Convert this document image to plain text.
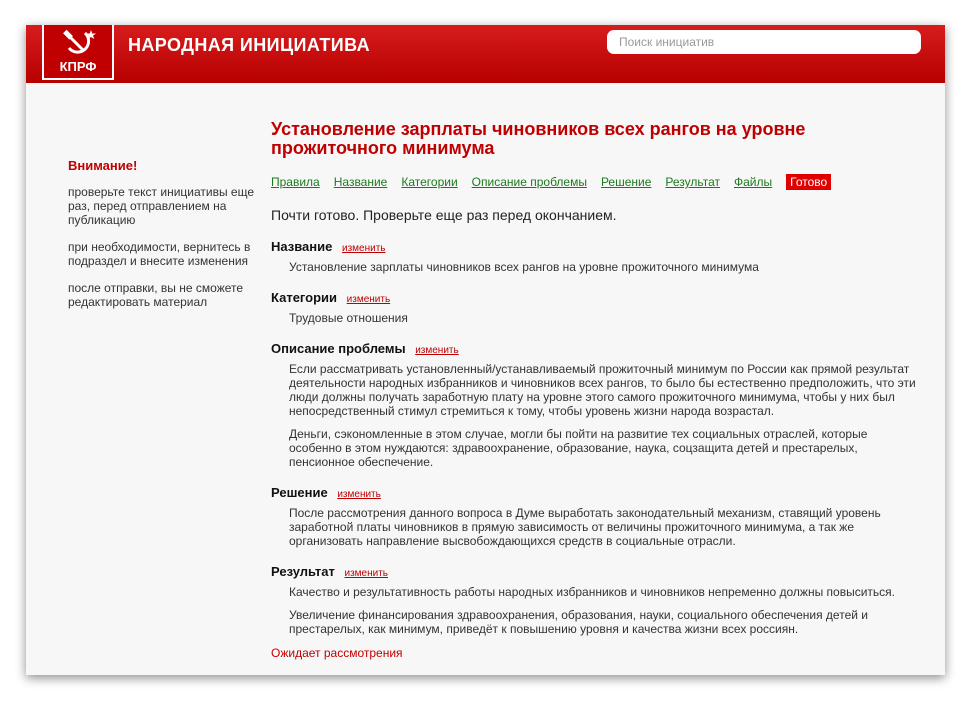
КПРФ
НАРОДНАЯ ИНИЦИАТИВА
Поиск инициатив
Внимание!

проверьте текст инициативы еще раз, перед отправлением на публикацию

при необходимости, вернитесь в подраздел и внесите изменения

после отправки, вы не сможете редактировать материал

Установление зарплаты чиновников всех рангов на уровне прожиточного минимума
Правила Название Категории Описание проблемы Решение Результат Файлы	Готово
Почти готово. Проверьте еще раз перед окончанием.
Название изменить

Установление зарплаты чиновников всех рангов на уровне прожиточного минимума

Категории изменить

Трудовые отношения

Описание проблемы изменить

Если рассматривать установленный/устанавливаемый прожиточный минимум по России как прямой результат деятельности народных избранников и чиновников всех рангов, то было бы естественно предположить, что эти люди должны получать заработную плату на уровне этого самого прожиточного минимума, чтобы у них был непосредственный стимул стремиться к тому, чтобы уровень жизни народа возрастал.

Деньги, сэкономленные в этом случае, могли бы пойти на развитие тех социальных отраслей, которые особенно в этом нуждаются: здравоохранение, образование, наука, соцзащита детей и престарелых, пенсионное обеспечение.

Решение изменить

После рассмотрения данного вопроса в Думе выработать законодательный механизм, ставящий уровень заработной платы чиновников в прямую зависимость от величины прожиточного минимума, а так же организовать направление высвобождающихся средств в социальные отрасли.

Результат изменить

Качество и результативность работы народных избранников и чиновников непременно должны повыситься.

Увеличение финансирования здравоохранения, образования, науки, социального обеспечения детей и престарелых, как минимум, приведёт к повышению уровня и качества жизни всех россиян.

Ожидает рассмотрения
